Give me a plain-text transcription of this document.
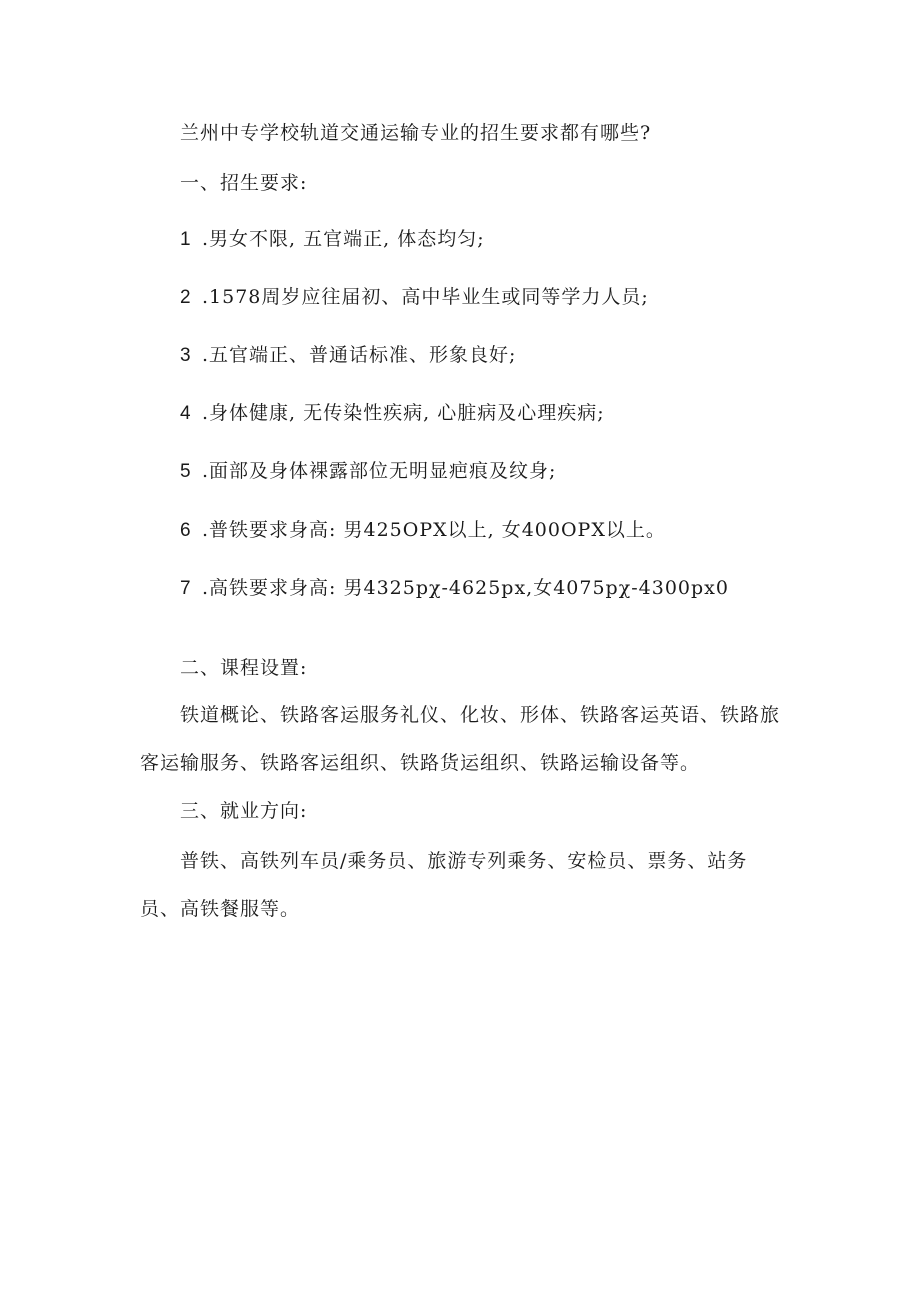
兰州中专学校轨道交通运输专业的招生要求都有哪些?
一、招生要求:
1 .男女不限, 五官端正, 体态均匀;
2 .1578周岁应往届初、高中毕业生或同等学力人员;
3 .五官端正、普通话标准、形象良好;
4 .身体健康, 无传染性疾病, 心脏病及心理疾病;
5 .面部及身体裸露部位无明显疤痕及纹身;
6 .普铁要求身高: 男425OPX以上, 女400OPX以上。
7 .高铁要求身高: 男4325pχ-4625px,女4075pχ-4300px0
二、课程设置:
铁道概论、铁路客运服务礼仪、化妆、形体、铁路客运英语、铁路旅
客运输服务、铁路客运组织、铁路货运组织、铁路运输设备等。
三、就业方向:
普铁、高铁列车员/乘务员、旅游专列乘务、安检员、票务、站务
员、高铁餐服等。
